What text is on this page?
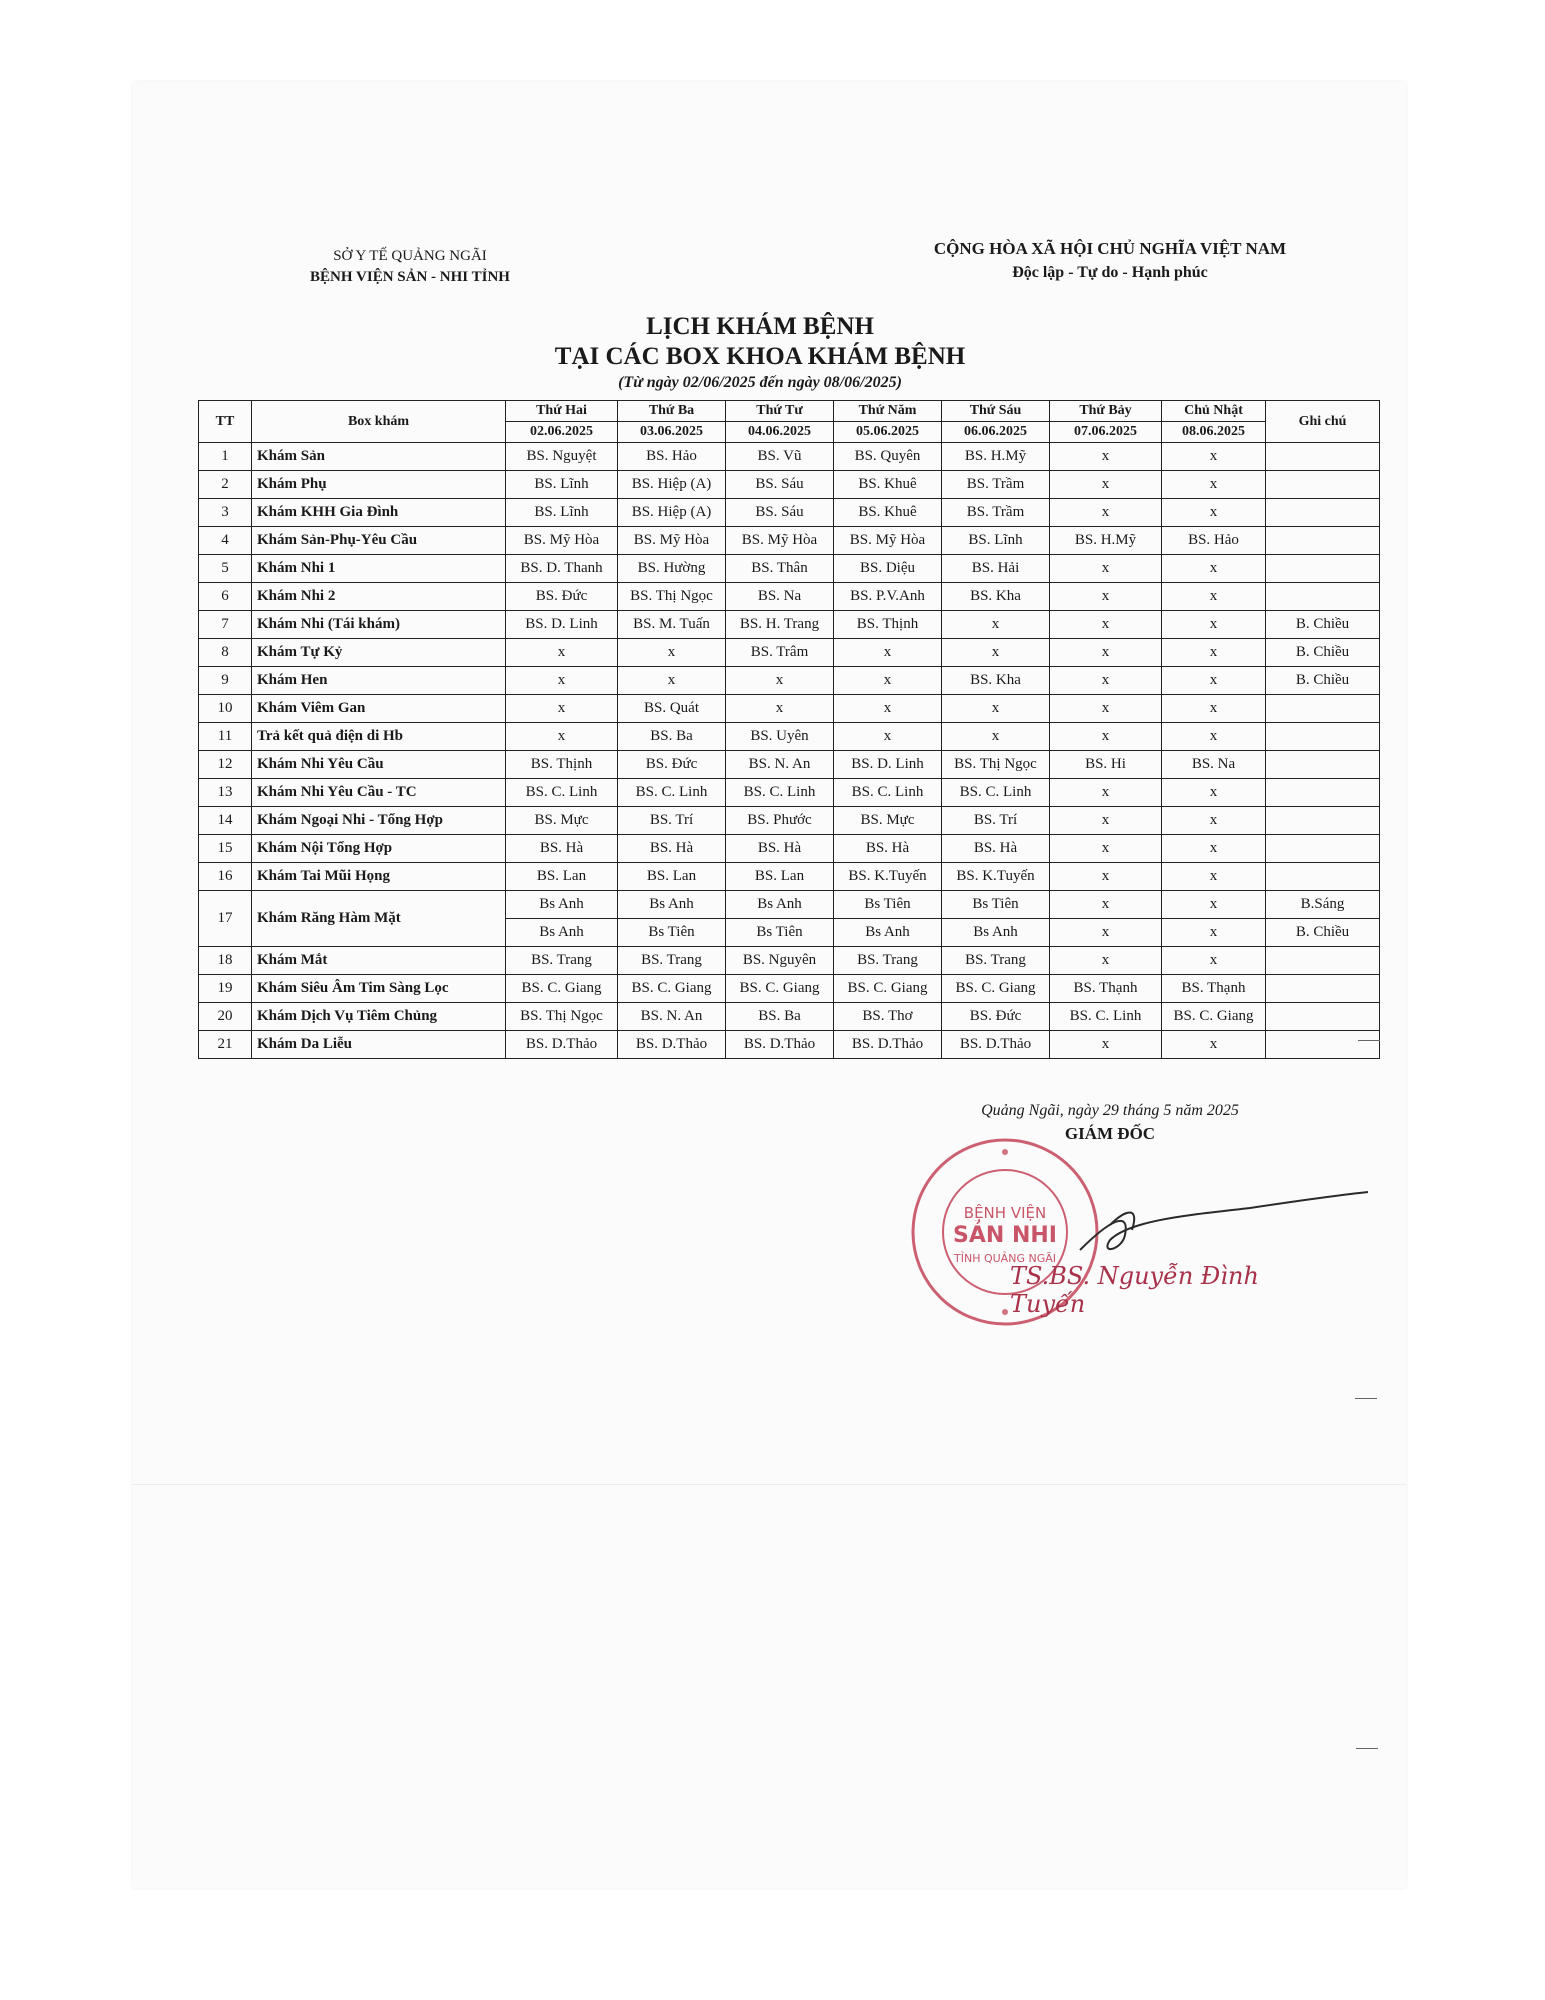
SỞ Y TẾ QUẢNG NGÃI
BỆNH VIỆN SẢN - NHI TỈNH
CỘNG HÒA XÃ HỘI CHỦ NGHĨA VIỆT NAM
Độc lập - Tự do - Hạnh phúc
LỊCH KHÁM BỆNH
TẠI CÁC BOX KHOA KHÁM BỆNH
(Từ ngày 02/06/2025 đến ngày 08/06/2025)
TT	Box khám	Thứ Hai	Thứ Ba	Thứ Tư	Thứ Năm	Thứ Sáu	Thứ Bảy	Chủ Nhật	Ghi chú
		02.06.2025	03.06.2025	04.06.2025	05.06.2025	06.06.2025	07.06.2025	08.06.2025	
1	Khám Sản	BS. Nguyệt	BS. Hảo	BS. Vũ	BS. Quyên	BS. H.Mỹ	x	x	
2	Khám Phụ	BS. Lĩnh	BS. Hiệp (A)	BS. Sáu	BS. Khuê	BS. Trầm	x	x	
3	Khám KHH Gia Đình	BS. Lĩnh	BS. Hiệp (A)	BS. Sáu	BS. Khuê	BS. Trầm	x	x	
4	Khám Sản-Phụ-Yêu Cầu	BS. Mỹ Hòa	BS. Mỹ Hòa	BS. Mỹ Hòa	BS. Mỹ Hòa	BS. Lĩnh	BS. H.Mỹ	BS. Hảo	
5	Khám Nhi 1	BS. D. Thanh	BS. Hường	BS. Thân	BS. Diệu	BS. Hải	x	x	
6	Khám Nhi 2	BS. Đức	BS. Thị Ngọc	BS. Na	BS. P.V.Anh	BS. Kha	x	x	
7	Khám Nhi (Tái khám)	BS. D. Linh	BS. M. Tuấn	BS. H. Trang	BS. Thịnh	x	x	x	B. Chiều
8	Khám Tự Kỷ	x	x	BS. Trâm	x	x	x	x	B. Chiều
9	Khám Hen	x	x	x	x	BS. Kha	x	x	B. Chiều
10	Khám Viêm Gan	x	BS. Quát	x	x	x	x	x	
11	Trả kết quả điện di Hb	x	BS. Ba	BS. Uyên	x	x	x	x	
12	Khám Nhi Yêu Cầu	BS. Thịnh	BS. Đức	BS. N. An	BS. D. Linh	BS. Thị Ngọc	BS. Hi	BS. Na	
13	Khám Nhi Yêu Cầu - TC	BS. C. Linh	BS. C. Linh	BS. C. Linh	BS. C. Linh	BS. C. Linh	x	x	
14	Khám Ngoại Nhi - Tổng Hợp	BS. Mực	BS. Trí	BS. Phước	BS. Mực	BS. Trí	x	x	
15	Khám Nội Tổng Hợp	BS. Hà	BS. Hà	BS. Hà	BS. Hà	BS. Hà	x	x	
16	Khám Tai Mũi Họng	BS. Lan	BS. Lan	BS. Lan	BS. K.Tuyến	BS. K.Tuyến	x	x	
17	Khám Răng Hàm Mặt	Bs Anh	Bs Anh	Bs Anh	Bs Tiên	Bs Tiên	x	x	B.Sáng
		Bs Anh	Bs Tiên	Bs Tiên	Bs Anh	Bs Anh	x	x	B. Chiều
18	Khám Mắt	BS. Trang	BS. Trang	BS. Nguyên	BS. Trang	BS. Trang	x	x	
19	Khám Siêu Âm Tim Sàng Lọc	BS. C. Giang	BS. C. Giang	BS. C. Giang	BS. C. Giang	BS. C. Giang	BS. Thạnh	BS. Thạnh	
20	Khám Dịch Vụ Tiêm Chủng	BS. Thị Ngọc	BS. N. An	BS. Ba	BS. Thơ	BS. Đức	BS. C. Linh	BS. C. Giang	
21	Khám Da Liễu	BS. D.Thảo	BS. D.Thảo	BS. D.Thảo	BS. D.Thảo	BS. D.Thảo	x	x	
Quảng Ngãi, ngày 29 tháng 5 năm 2025
GIÁM ĐỐC
BỆNH VIỆN
SẢN NHI
TỈNH QUẢNG NGÃI
TS.BS. Nguyễn Đình Tuyến
